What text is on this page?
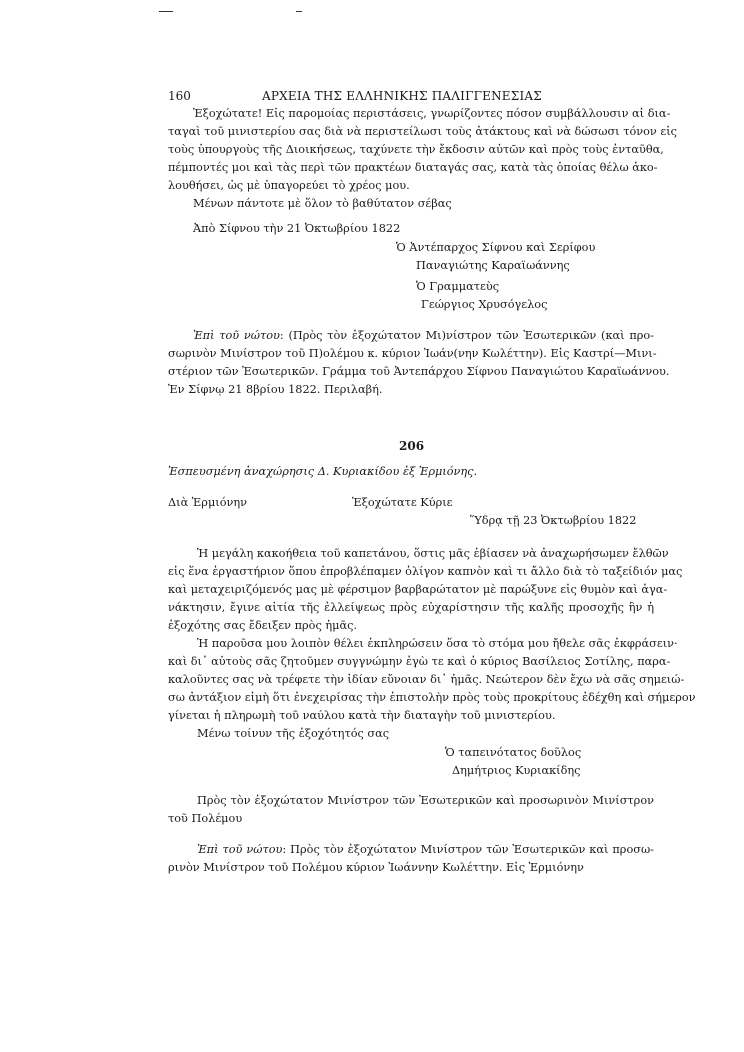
160	ΑΡΧΕΙΑ ΤΗΣ ΕΛΛΗΝΙΚΗΣ ΠΑΛΙΓΓΕΝΕΣΙΑΣ
Ἐξοχώτατε! Εἰς παρομοίας περιστάσεις, γνωρίζοντες πόσον συμβάλλουσιν αἱ δια-
ταγαὶ τοῦ μινιστερίου σας διὰ νὰ περιστείλωσι τοὺς ἀτάκτους καὶ νὰ δώσωσι τόνον εἰς
τοὺς ὑπουργοὺς τῆς Διοικήσεως, ταχύνετε τὴν ἔκδοσιν αὐτῶν καὶ πρὸς τοὺς ἐνταῦθα,
πέμποντές μοι καὶ τὰς περὶ τῶν πρακτέων διαταγάς σας, κατὰ τὰς ὁποίας θέλω ἀκο-
λουθήσει, ὡς μὲ ὑπαγορεύει τὸ χρέος μου.
Μένων πάντοτε μὲ ὅλον τὸ βαθύτατον σέβας
Ἀπὸ Σίφνου τὴν 21 Ὀκτωβρίου 1822
Ὁ Ἀντέπαρχος Σίφνου καὶ Σερίφου
Παναγιώτης Καραϊωάννης
Ὁ Γραμματεὺς
Γεώργιος Χρυσόγελος
Ἐπὶ τοῦ νώτου: (Πρὸς τὸν ἐξοχώτατον Μι)νίστρον τῶν Ἐσωτερικῶν (καὶ προ-
σωρινὸν Μινίστρον τοῦ Π)ολέμου κ. κύριον Ἰωάν(νην Κωλέττην). Εἰς Καστρί—Μινι-
στέριον τῶν Ἐσωτερικῶν. Γράμμα τοῦ Ἀντεπάρχου Σίφνου Παναγιώτου Καραϊωάννου.
Ἐν Σίφνῳ 21 8βρίου 1822. Περιλαβή.
206
Ἐσπευσμένη ἀναχώρησις Δ. Κυριακίδου ἐξ Ἑρμιόνης.
Διὰ Ἑρμιόνην	Ἐξοχώτατε Κύριε
Ὕδρᾳ τῇ 23 Ὀκτωβρίου 1822
Ἡ μεγάλη κακοήθεια τοῦ καπετάνου, ὅστις μᾶς ἐβίασεν νὰ ἀναχωρήσωμεν ἔλθῶν
εἰς ἕνα ἐργαστήριον ὅπου ἐπροβλέπαμεν ὀλίγον καπνὸν καὶ τι ἄλλο διὰ τὸ ταξείδιόν μας
καὶ μεταχειριζόμενός μας μὲ φέρσιμον βαρβαρώτατον μὲ παρώξυνε εἰς θυμὸν καὶ ἀγα-
νάκτησιν, ἔγινε αἰτία τῆς ἐλλείψεως πρὸς εὐχαρίστησιν τῆς καλῆς προσοχῆς ἣν ἡ
ἐξοχότης σας ἔδειξεν πρὸς ἡμᾶς.
Ἡ παροῦσα μου λοιπὸν θέλει ἐκπληρώσειν ὅσα τὸ στόμα μου ἤθελε σᾶς ἐκφράσειν·
καὶ δι᾽ αὐτοὺς σᾶς ζητοῦμεν συγγνώμην ἐγὼ τε καὶ ὁ κύριος Βασίλειος Σοτίλης, παρα-
καλοῦντες σας νὰ τρέφετε τὴν ἰδίαν εὔνοιαν δι᾽ ἡμᾶς. Νεώτερον δὲν ἔχω νὰ σᾶς σημειώ-
σω ἀντάξιον εἰμὴ ὅτι ἐνεχειρίσας τὴν ἐπιστολὴν πρὸς τοὺς προκρίτους ἐδέχθη καὶ σήμερον
γίνεται ἡ πληρωμὴ τοῦ ναύλου κατὰ τὴν διαταγὴν τοῦ μινιστερίου.
Μένω τοίνυν τῆς ἐξοχότητός σας
Ὁ ταπεινότατος δοῦλος
Δημήτριος Κυριακίδης
Πρὸς τὸν ἐξοχώτατον Μινίστρον τῶν Ἐσωτερικῶν καὶ προσωρινὸν Μινίστρον
τοῦ Πολέμου
Ἐπὶ τοῦ νώτου: Πρὸς τὸν ἐξοχώτατον Μινίστρον τῶν Ἐσωτερικῶν καὶ προσω-
ρινὸν Μινίστρον τοῦ Πολέμου κύριον Ἰωάννην Κωλέττην. Εἰς Ἑρμιόνην
